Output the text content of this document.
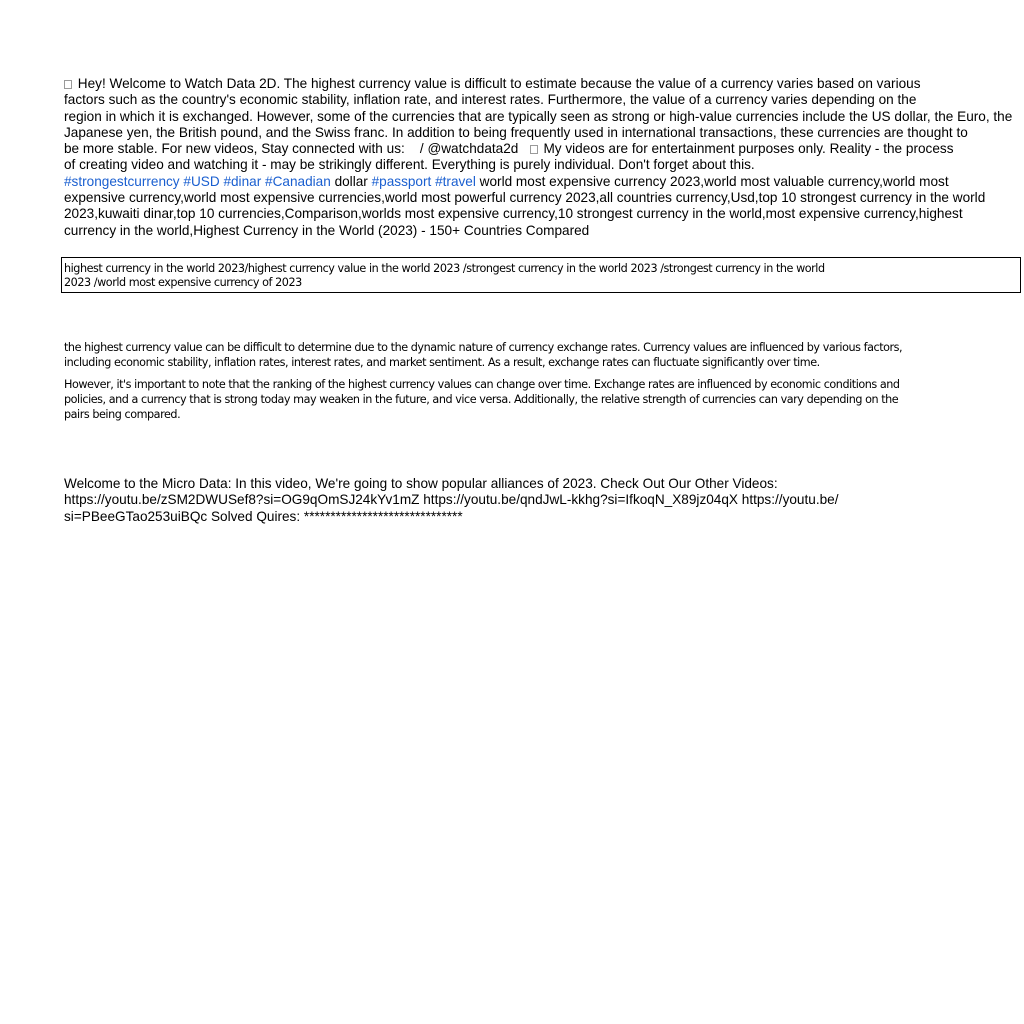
Hey! Welcome to Watch Data 2D. The highest currency value is difficult to estimate because the value of a currency varies based on various
factors such as the country's economic stability, inflation rate, and interest rates. Furthermore, the value of a currency varies depending on the
region in which it is exchanged. However, some of the currencies that are typically seen as strong or high-value currencies include the US dollar, the Euro, the
Japanese yen, the British pound, and the Swiss franc. In addition to being frequently used in international transactions, these currencies are thought to
be more stable. For new videos, Stay connected with us: / @watchdata2d My videos are for entertainment purposes only. Reality - the process
of creating video and watching it - may be strikingly different. Everything is purely individual. Don't forget about this.
#strongestcurrency #USD #dinar #Canadian dollar #passport #travel world most expensive currency 2023,world most valuable currency,world most
expensive currency,world most expensive currencies,world most powerful currency 2023,all countries currency,Usd,top 10 strongest currency in the world
2023,kuwaiti dinar,top 10 currencies,Comparison,worlds most expensive currency,10 strongest currency in the world,most expensive currency,highest
currency in the world,Highest Currency in the World (2023) - 150+ Countries Compared
highest currency in the world 2023/highest currency value in the world 2023 /strongest currency in the world 2023 /strongest currency in the world
2023 /world most expensive currency of 2023
the highest currency value can be difficult to determine due to the dynamic nature of currency exchange rates. Currency values are influenced by various factors,
including economic stability, inflation rates, interest rates, and market sentiment. As a result, exchange rates can fluctuate significantly over time.
However, it's important to note that the ranking of the highest currency values can change over time. Exchange rates are influenced by economic conditions and
policies, and a currency that is strong today may weaken in the future, and vice versa. Additionally, the relative strength of currencies can vary depending on the
pairs being compared.
Welcome to the Micro Data: In this video, We're going to show popular alliances of 2023. Check Out Our Other Videos:
https://youtu.be/zSM2DWUSef8?si=OG9qOmSJ24kYv1mZ https://youtu.be/qndJwL-kkhg?si=IfkoqN_X89jz04qX https://youtu.be/
si=PBeeGTao253uiBQc Solved Quires: ******************************
